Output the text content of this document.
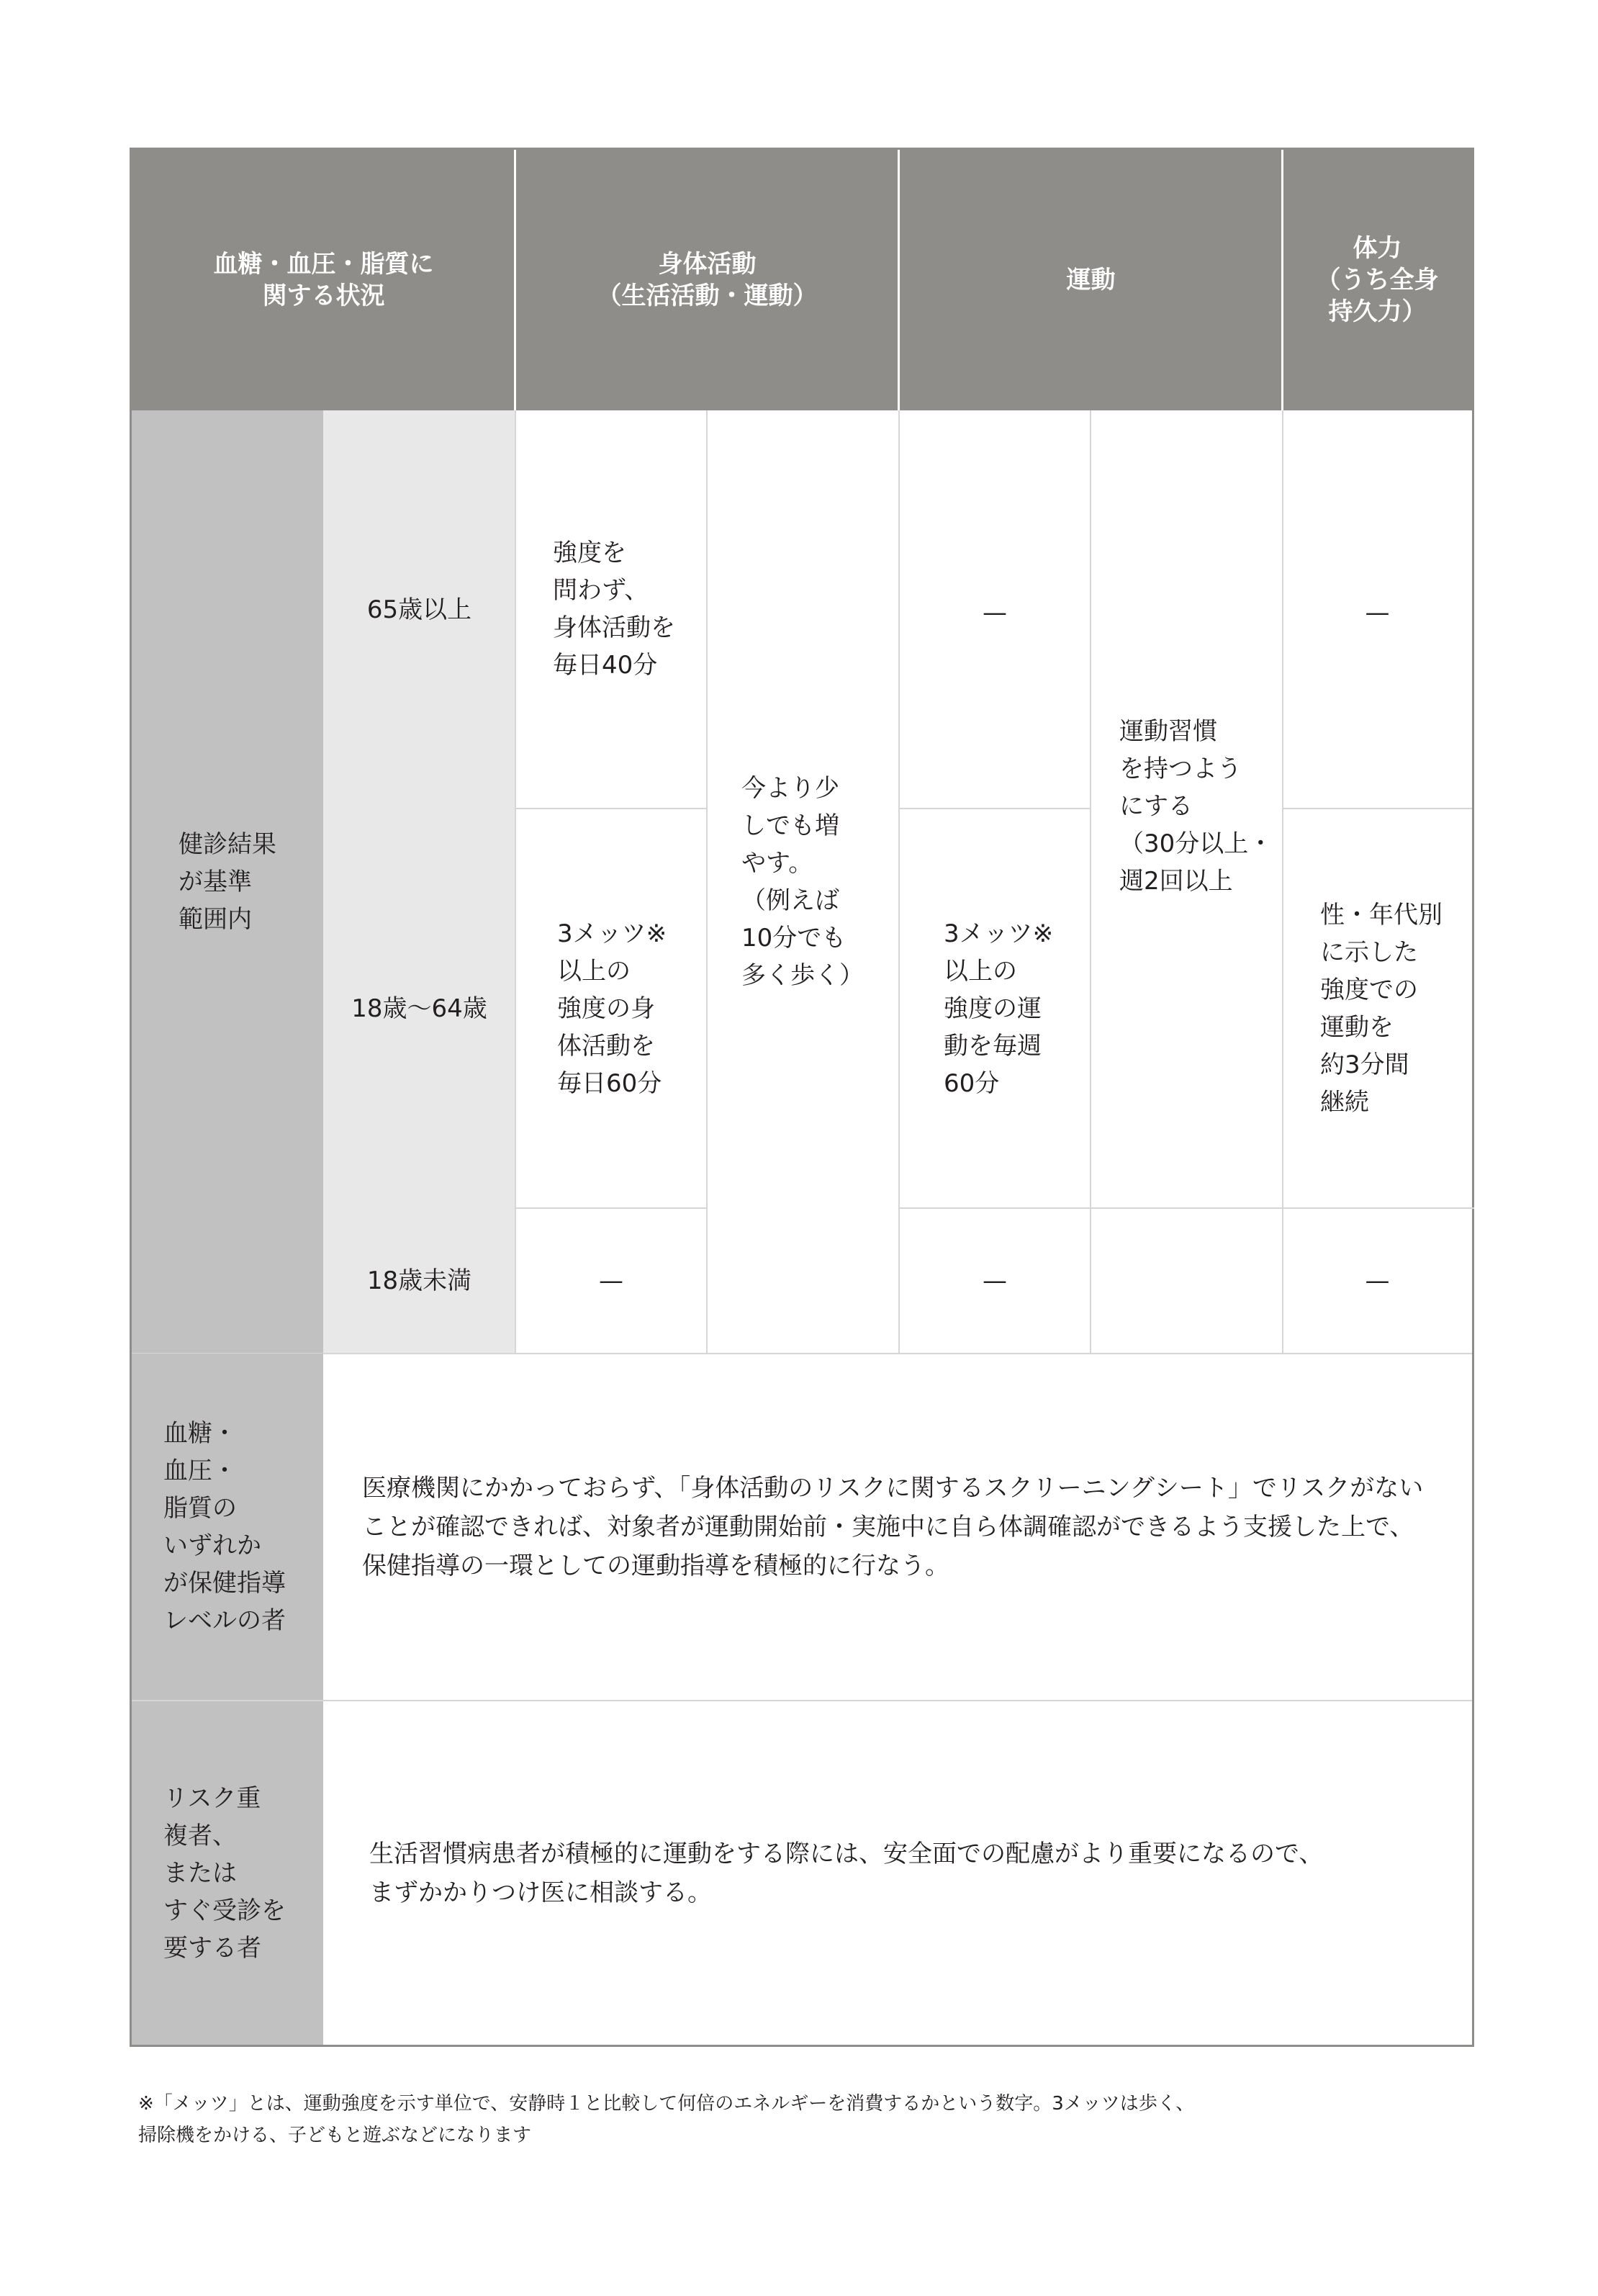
血糖・血圧・脂質に
関する状況
身体活動
（生活活動・運動）
運動
体力
（うち全身
持久力）
健診結果
が基準
範囲内
65歳以上
18歳〜64歳
18歳未満
強度を
問わず、
身体活動を
毎日40分
3メッツ※
以上の
強度の身
体活動を
毎日60分
—
今より少
しでも増
やす。
（例えば
10分でも
多く歩く）
—
3メッツ※
以上の
強度の運
動を毎週
60分
—
運動習慣
を持つよう
にする
（30分以上・
週2回以上
—
性・年代別
に示した
強度での
運動を
約3分間
継続
—
血糖・
血圧・
脂質の
いずれか
が保健指導
レベルの者
医療機関にかかっておらず、「身体活動のリスクに関するスクリーニングシート」でリスクがない
ことが確認できれば、対象者が運動開始前・実施中に自ら体調確認ができるよう支援した上で、
保健指導の一環としての運動指導を積極的に行なう。
リスク重
複者、
または
すぐ受診を
要する者
生活習慣病患者が積極的に運動をする際には、安全面での配慮がより重要になるので、
まずかかりつけ医に相談する。
※「メッツ」とは、運動強度を示す単位で、安静時１と比較して何倍のエネルギーを消費するかという数字。3メッツは歩く、
掃除機をかける、子どもと遊ぶなどになります
